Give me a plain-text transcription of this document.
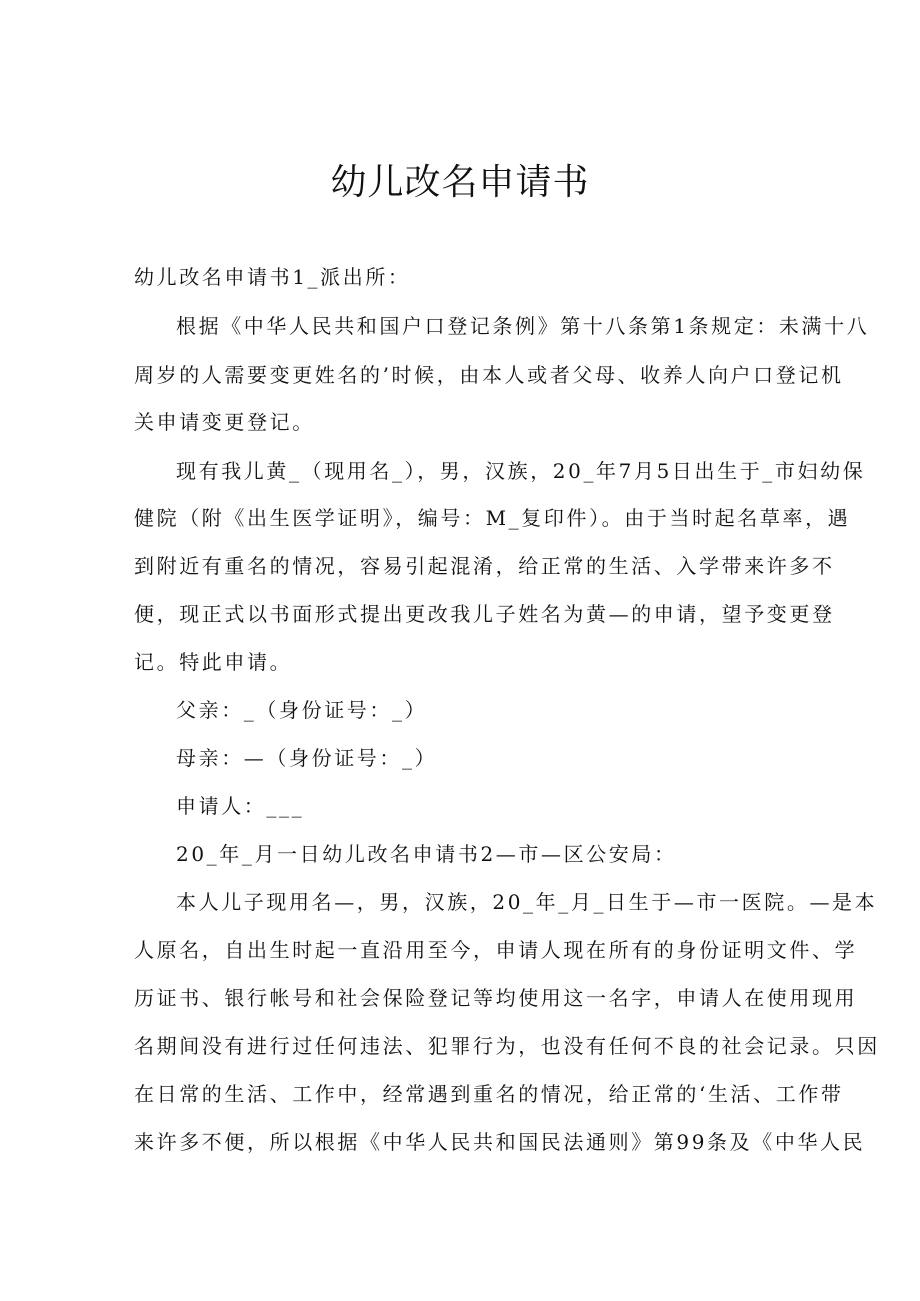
幼儿改名申请书
幼儿改名申请书1_派出所：
根据《中华人民共和国户口登记条例》第十八条第1条规定：未满十八
周岁的人需要变更姓名的’时候，由本人或者父母、收养人向户口登记机
关申请变更登记。
现有我儿黄_（现用名_），男，汉族，20_年7月5日出生于_市妇幼保
健院（附《出生医学证明》，编号：M_复印件）。由于当时起名草率，遇
到附近有重名的情况，容易引起混淆，给正常的生活、入学带来许多不
便，现正式以书面形式提出更改我儿子姓名为黄—的申请，望予变更登
记。特此申请。
父亲：_（身份证号：_）
母亲：—（身份证号：_）
申请人：___
20_年_月一日幼儿改名申请书2—市—区公安局：
本人儿子现用名—，男，汉族，20_年_月_日生于—市一医院。—是本
人原名，自出生时起一直沿用至今，申请人现在所有的身份证明文件、学
历证书、银行帐号和社会保险登记等均使用这一名字，申请人在使用现用
名期间没有进行过任何违法、犯罪行为，也没有任何不良的社会记录。只因
在日常的生活、工作中，经常遇到重名的情况，给正常的‘生活、工作带
来许多不便，所以根据《中华人民共和国民法通则》第99条及《中华人民
